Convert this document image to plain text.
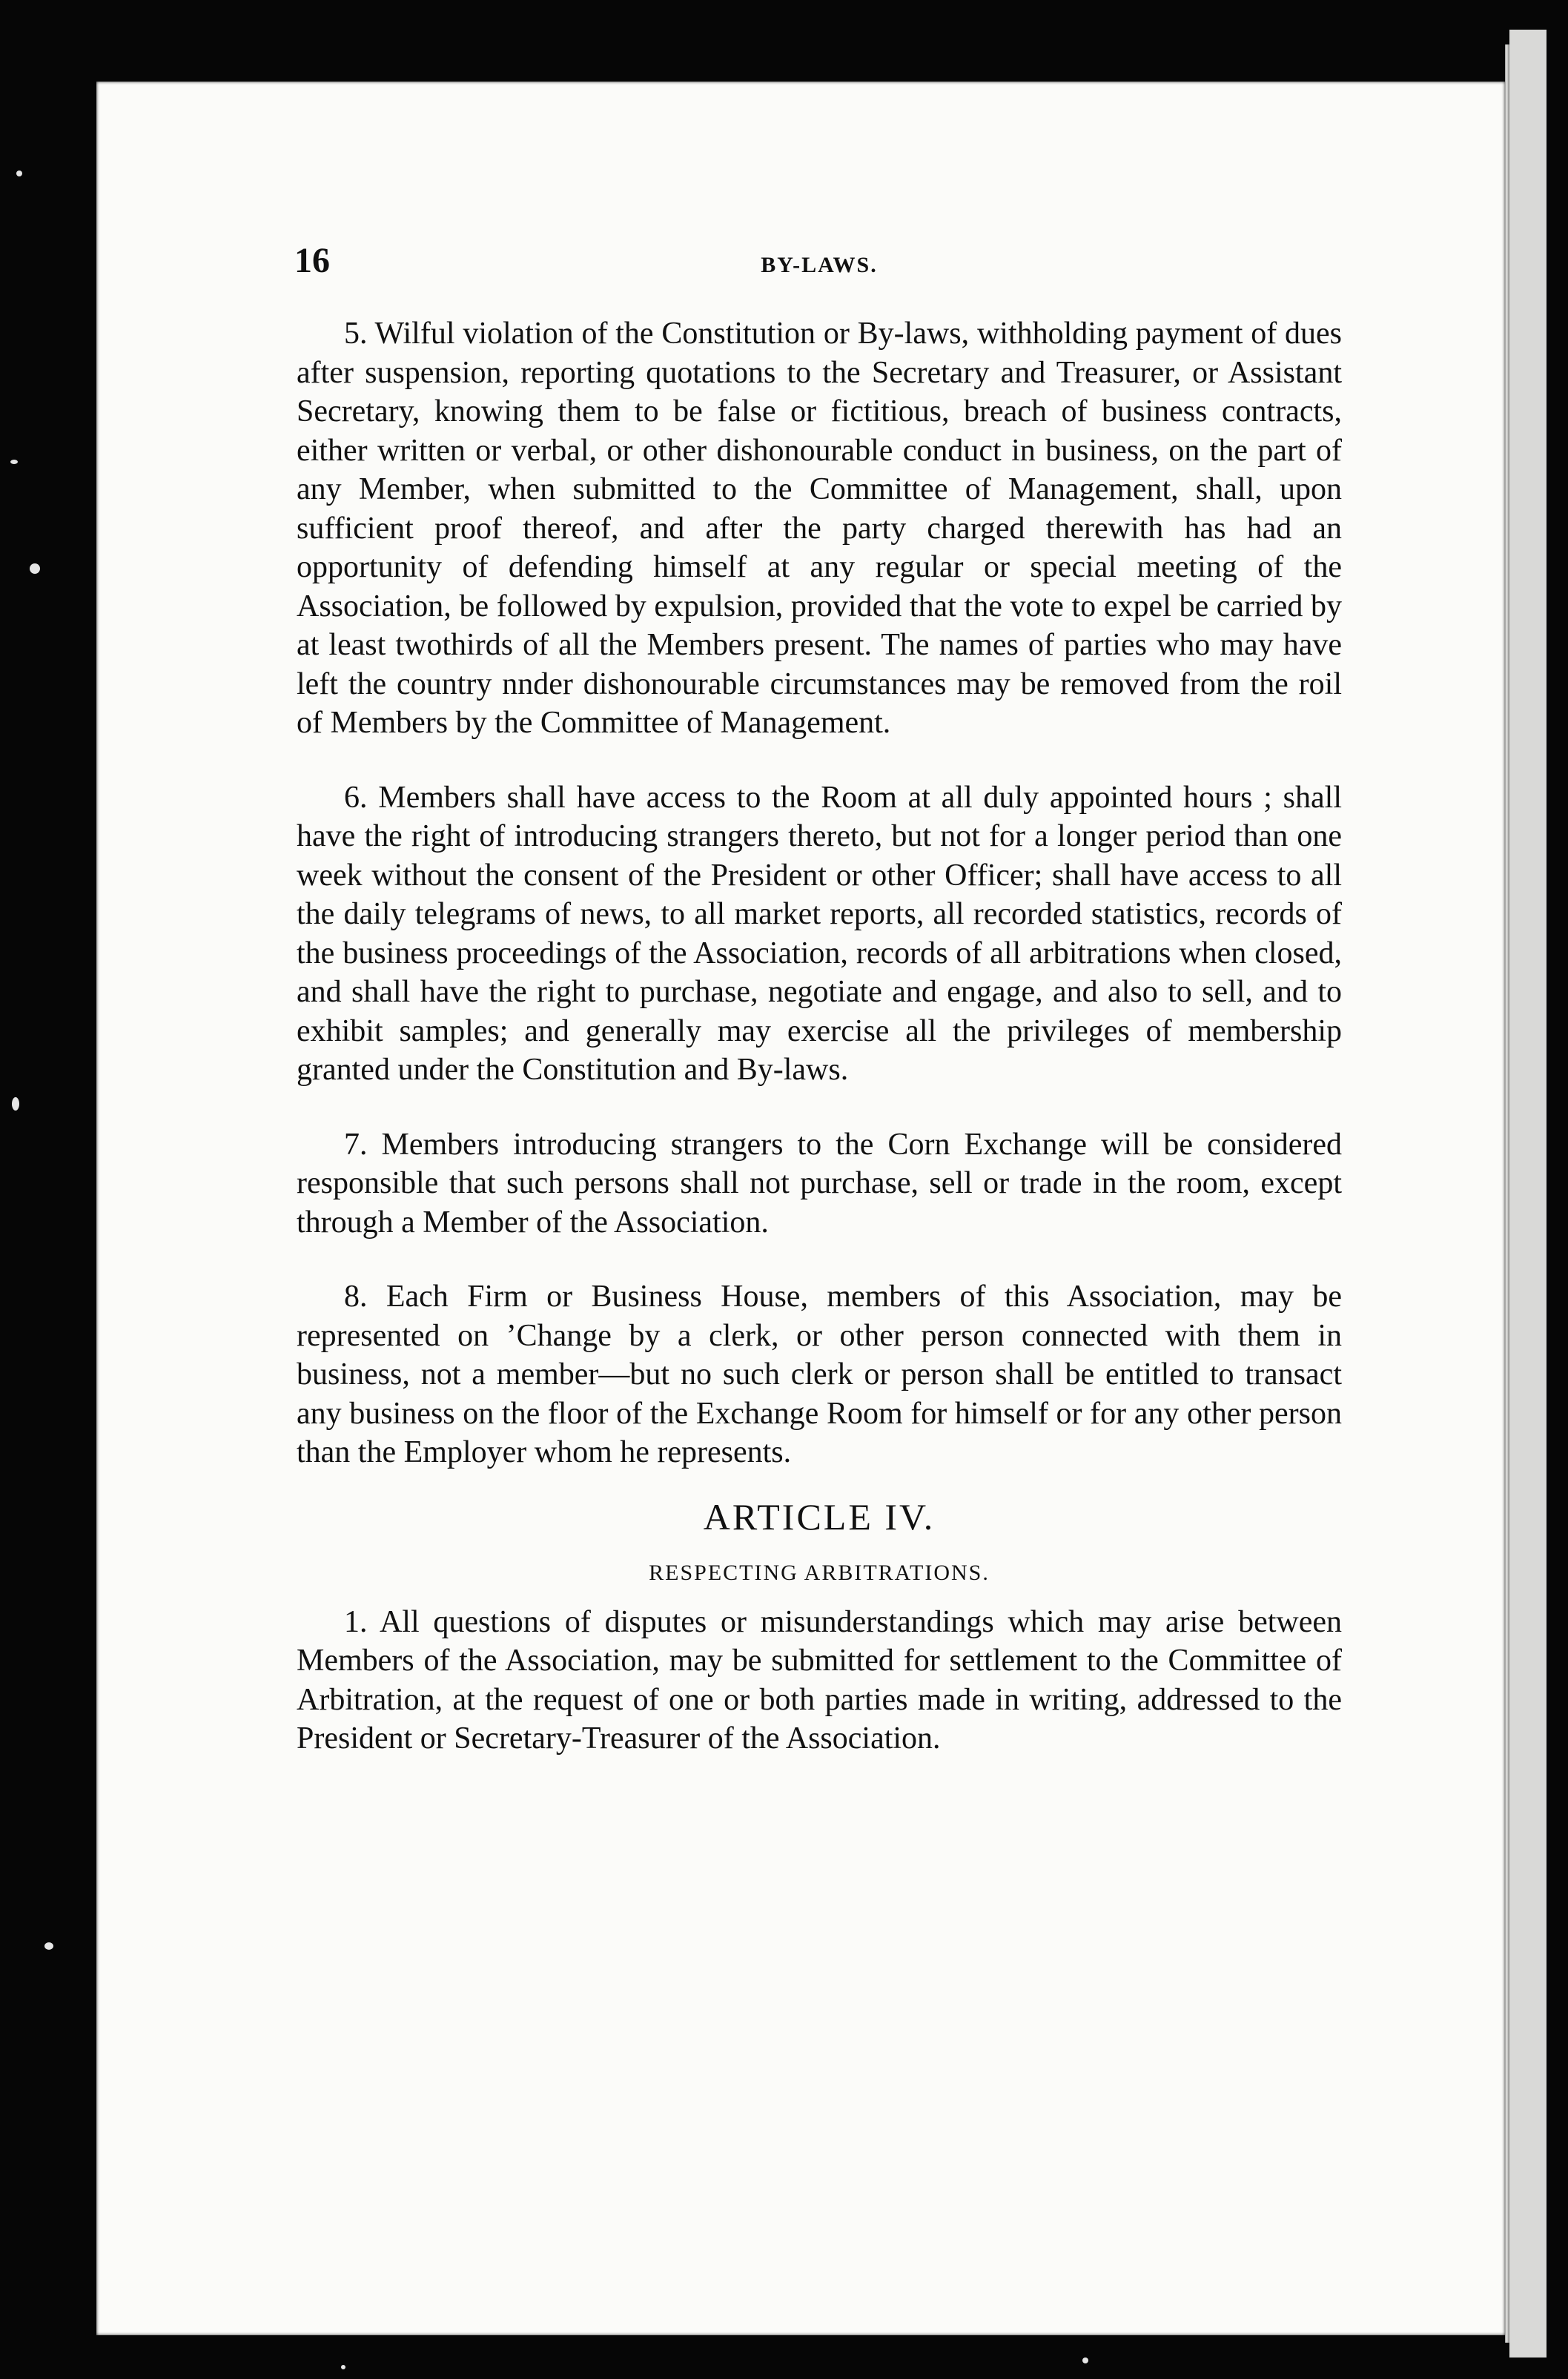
16	BY-LAWS.

5. Wilful violation of the Constitution or By-laws, withholding payment of dues after suspension, reporting quotations to the Secretary and Treasurer, or Assistant Secretary, knowing them to be false or fictitious, breach of business contracts, either written or verbal, or other dishonourable conduct in business, on the part of any Member, when submitted to the Committee of Management, shall, upon sufficient proof thereof, and after the party charged therewith has had an opportunity of defending himself at any regular or special meeting of the Association, be followed by expulsion, provided that the vote to expel be carried by at least twothirds of all the Members present. The names of parties who may have left the country nnder dishonourable circumstances may be removed from the roil of Members by the Committee of Management.

6. Members shall have access to the Room at all duly appointed hours ; shall have the right of introducing strangers thereto, but not for a longer period than one week without the consent of the President or other Officer; shall have access to all the daily telegrams of news, to all market reports, all recorded statistics, records of the business proceedings of the Association, records of all arbitrations when closed, and shall have the right to purchase, negotiate and engage, and also to sell, and to exhibit samples; and generally may exercise all the privileges of membership granted under the Constitution and By-laws.

7. Members introducing strangers to the Corn Exchange will be considered responsible that such persons shall not purchase, sell or trade in the room, except through a Member of the Association.

8. Each Firm or Business House, members of this Association, may be represented on ’Change by a clerk, or other person connected with them in business, not a member—but no such clerk or person shall be entitled to transact any business on the floor of the Exchange Room for himself or for any other person than the Employer whom he represents.

ARTICLE IV.
RESPECTING ARBITRATIONS.

1. All questions of disputes or misunderstandings which may arise between Members of the Association, may be submitted for settlement to the Committee of Arbitration, at the request of one or both parties made in writing, addressed to the President or Secretary-Treasurer of the Association.
